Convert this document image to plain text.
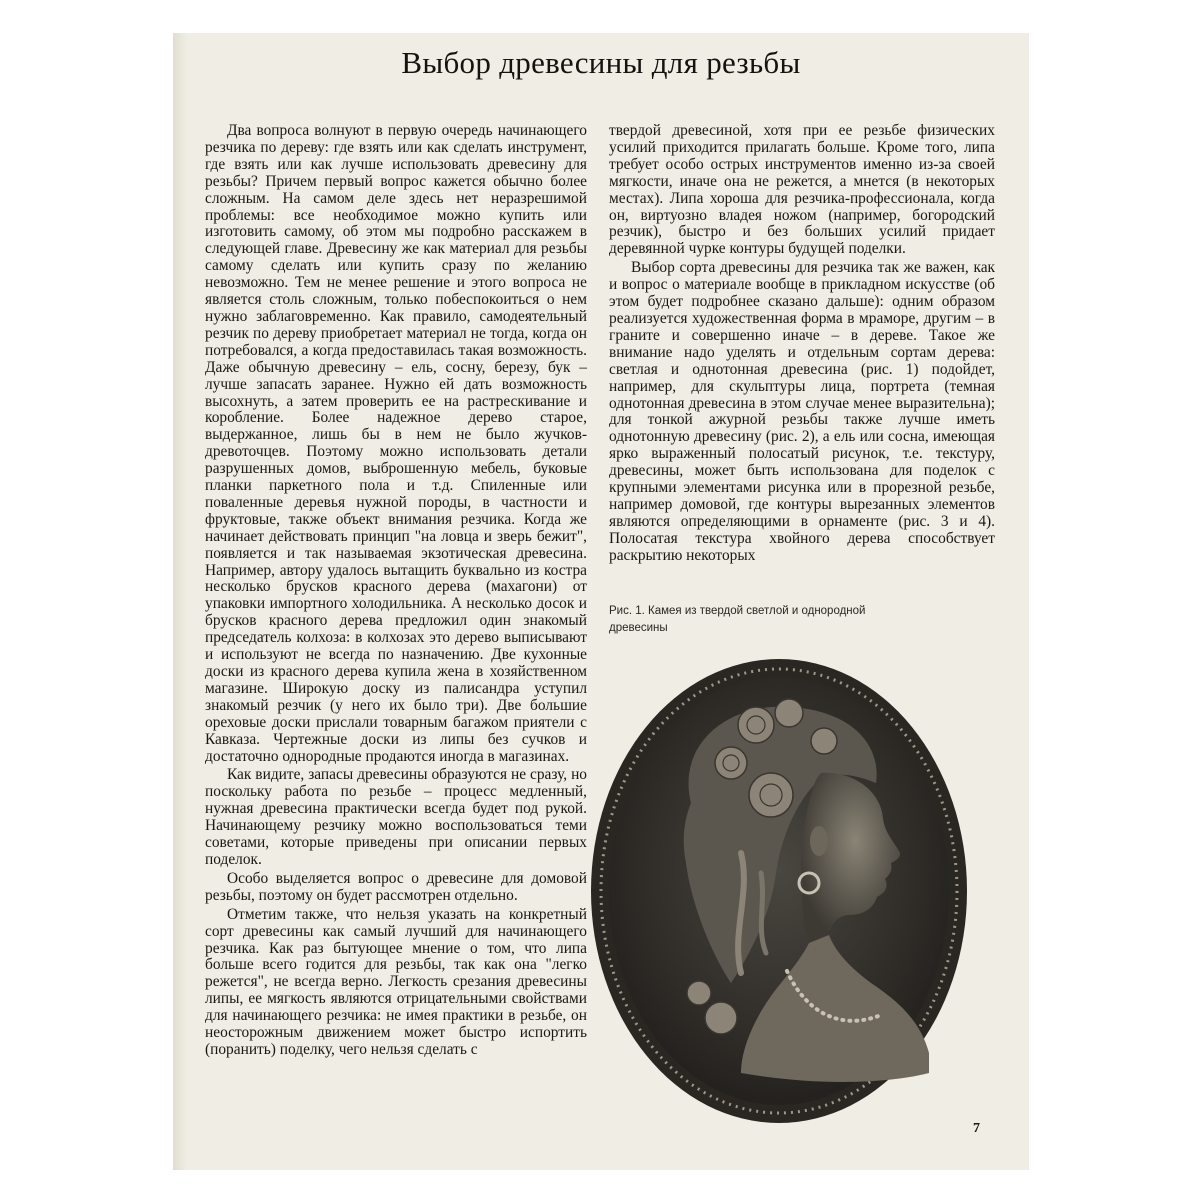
Выбор древесины для резьбы

Два вопроса волнуют в первую очередь начинающего резчика по дереву: где взять или как сделать инструмент, где взять или как лучше использовать древесину для резьбы? Причем первый вопрос кажется обычно более сложным. На самом деле здесь нет неразрешимой проблемы: все необходимое можно купить или изготовить самому, об этом мы подробно расскажем в следующей главе. Древесину же как материал для резьбы самому сделать или купить сразу по желанию невозможно. Тем не менее решение и этого вопроса не является столь сложным, только побеспокоиться о нем нужно заблаговременно. Как правило, самодеятельный резчик по дереву приобретает материал не тогда, когда он потребовался, а когда предоставилась такая возможность. Даже обычную древесину – ель, сосну, березу, бук – лучше запасать заранее. Нужно ей дать возможность высохнуть, а затем проверить ее на растрескивание и коробление. Более надежное дерево старое, выдержанное, лишь бы в нем не было жучков-древоточцев. Поэтому можно использовать детали разрушенных домов, выброшенную мебель, буковые планки паркетного пола и т.д. Спиленные или поваленные деревья нужной породы, в частности и фруктовые, также объект внимания резчика. Когда же начинает действовать принцип "на ловца и зверь бежит", появляется и так называемая экзотическая древесина. Например, автору удалось вытащить буквально из костра несколько брусков красного дерева (махагони) от упаковки импортного холодильника. А несколько досок и брусков красного дерева предложил один знакомый председатель колхоза: в колхозах это дерево выписывают и используют не всегда по назначению. Две кухонные доски из красного дерева купила жена в хозяйственном магазине. Широкую доску из палисандра уступил знакомый резчик (у него их было три). Две большие ореховые доски прислали товарным багажом приятели с Кавказа. Чертежные доски из липы без сучков и достаточно однородные продаются иногда в магазинах.

Как видите, запасы древесины образуются не сразу, но поскольку работа по резьбе – процесс медленный, нужная древесина практически всегда будет под рукой. Начинающему резчику можно воспользоваться теми советами, которые приведены при описании первых поделок.

Особо выделяется вопрос о древесине для домовой резьбы, поэтому он будет рассмотрен отдельно.

Отметим также, что нельзя указать на конкретный сорт древесины как самый лучший для начинающего резчика. Как раз бытующее мнение о том, что липа больше всего годится для резьбы, так как она "легко режется", не всегда верно. Легкость срезания древесины липы, ее мягкость являются отрицательными свойствами для начинающего резчика: не имея практики в резьбе, он неосторожным движением может быстро испортить (поранить) поделку, чего нельзя сделать с

твердой древесиной, хотя при ее резьбе физических усилий приходится прилагать больше. Кроме того, липа требует особо острых инструментов именно из-за своей мягкости, иначе она не режется, а мнется (в некоторых местах). Липа хороша для резчика-профессионала, когда он, виртуозно владея ножом (например, богородский резчик), быстро и без больших усилий придает деревянной чурке контуры будущей поделки.

Выбор сорта древесины для резчика так же важен, как и вопрос о материале вообще в прикладном искусстве (об этом будет подробнее сказано дальше): одним образом реализуется художественная форма в мраморе, другим – в граните и совершенно иначе – в дереве. Такое же внимание надо уделять и отдельным сортам дерева: светлая и однотонная древесина (рис. 1) подойдет, например, для скульптуры лица, портрета (темная однотонная древесина в этом случае менее выразительна); для тонкой ажурной резьбы также лучше иметь однотонную древесину (рис. 2), а ель или сосна, имеющая ярко выраженный полосатый рисунок, т.е. текстуру, древесины, может быть использована для поделок с крупными элементами рисунка или в прорезной резьбе, например домовой, где контуры вырезанных элементов являются определяющими в орнаменте (рис. 3 и 4). Полосатая текстура хвойного дерева способствует раскрытию некоторых

Рис. 1. Камея из твердой светлой и однородной древесины
7
